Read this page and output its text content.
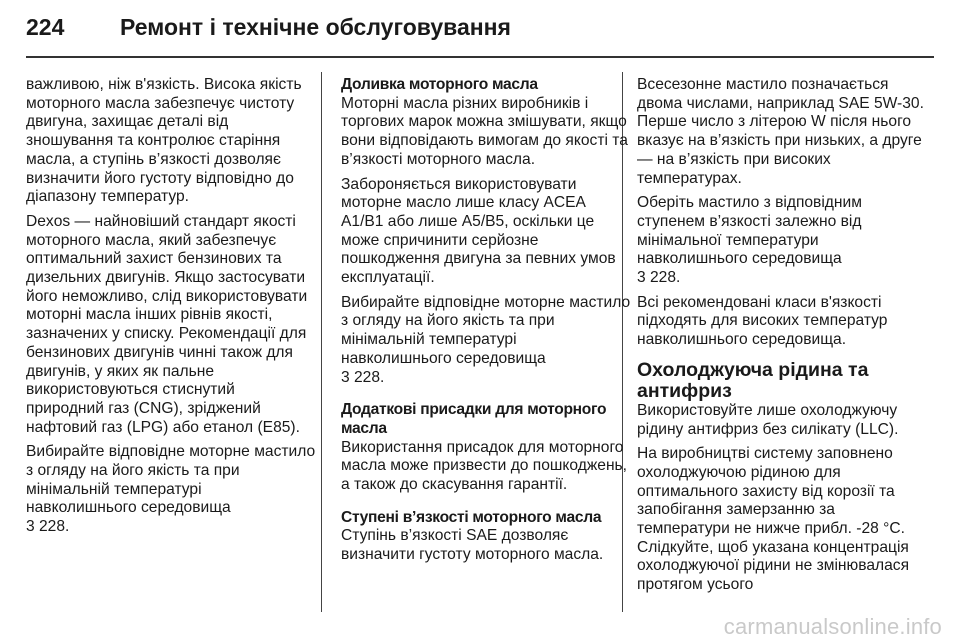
224	Ремонт і технічне обслуговування

важливою, ніж в'язкість. Висока якість моторного масла забезпечує чистоту двигуна, захищає деталі від зношування та контролює старіння масла, а ступінь в’язкості дозволяє визначити його густоту відповідно до діапазону температур.

Dexos — найновіший стандарт якості моторного масла, який забезпечує оптимальний захист бензинових та дизельних двигунів. Якщо застосувати його неможливо, слід використовувати моторні масла інших рівнів якості, зазначених у списку. Рекомендації для бензинових двигунів чинні також для двигунів, у яких як пальне використовуються стиснутий природний газ (CNG), зріджений нафтовий газ (LPG) або етанол (E85).

Вибирайте відповідне моторне мастило з огляду на його якість та при мінімальній температурі навколишнього середовища

3 228.

Доливка моторного масла

Моторні масла різних виробників і торгових марок можна змішувати, якщо вони відповідають вимогам до якості та в’язкості моторного масла.

Забороняється використовувати моторне масло лише класу ACEA A1/B1 або лише A5/B5, оскільки це може спричинити серйозне пошкодження двигуна за певних умов експлуатації.

Вибирайте відповідне моторне мастило з огляду на його якість та при мінімальній температурі навколишнього середовища

3 228.

Додаткові присадки для моторного масла

Використання присадок для моторного масла може призвести до пошкоджень, а також до скасування гарантії.

Ступені в’язкості моторного масла

Ступінь в’язкості SAE дозволяє визначити густоту моторного масла.

Всесезонне мастило позначається двома числами, наприклад SAE 5W-30. Перше число з літерою W після нього вказує на в’язкість при низьких, а друге — на в’язкість при високих температурах.

Оберіть мастило з відповідним ступенем в’язкості залежно від мінімальної температури навколишнього середовища

3 228.

Всі рекомендовані класи в'язкості підходять для високих температур навколишнього середовища.

Охолоджуюча рідина та антифриз

Використовуйте лише охолоджуючу рідину антифриз без силікату (LLC).

На виробництві систему заповнено охолоджуючою рідиною для оптимального захисту від корозії та запобігання замерзанню за температури не нижче прибл. -28 °C. Слідкуйте, щоб указана концентрація охолоджуючої рідини не змінювалася протягом усього

carmanualsonline.info
